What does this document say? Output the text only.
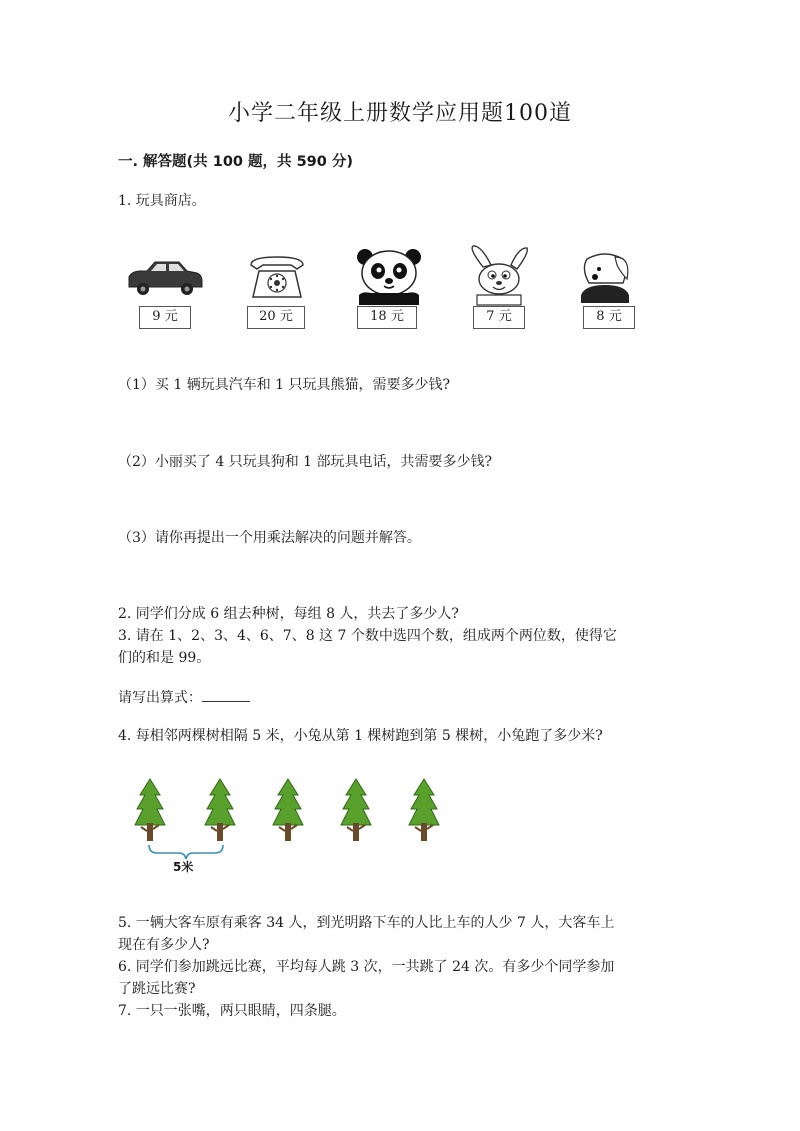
小学二年级上册数学应用题100道
一. 解答题(共 100 题，共 590 分)
1. 玩具商店。
9 元	20 元	18 元	7 元	8 元
（1）买 1 辆玩具汽车和 1 只玩具熊猫，需要多少钱?
（2）小丽买了 4 只玩具狗和 1 部玩具电话，共需要多少钱?
（3）请你再提出一个用乘法解决的问题并解答。
2. 同学们分成 6 组去种树，每组 8 人，共去了多少人?
3. 请在 1、2、3、4、6、7、8 这 7 个数中选四个数，组成两个两位数，使得它
们的和是 99。
请写出算式：
4. 每相邻两棵树相隔 5 米，小兔从第 1 棵树跑到第 5 棵树，小兔跑了多少米?
5米
5. 一辆大客车原有乘客 34 人，到光明路下车的人比上车的人少 7 人，大客车上
现在有多少人?
6. 同学们参加跳远比赛，平均每人跳 3 次，一共跳了 24 次。有多少个同学参加
了跳远比赛?
7. 一只一张嘴，两只眼睛，四条腿。
